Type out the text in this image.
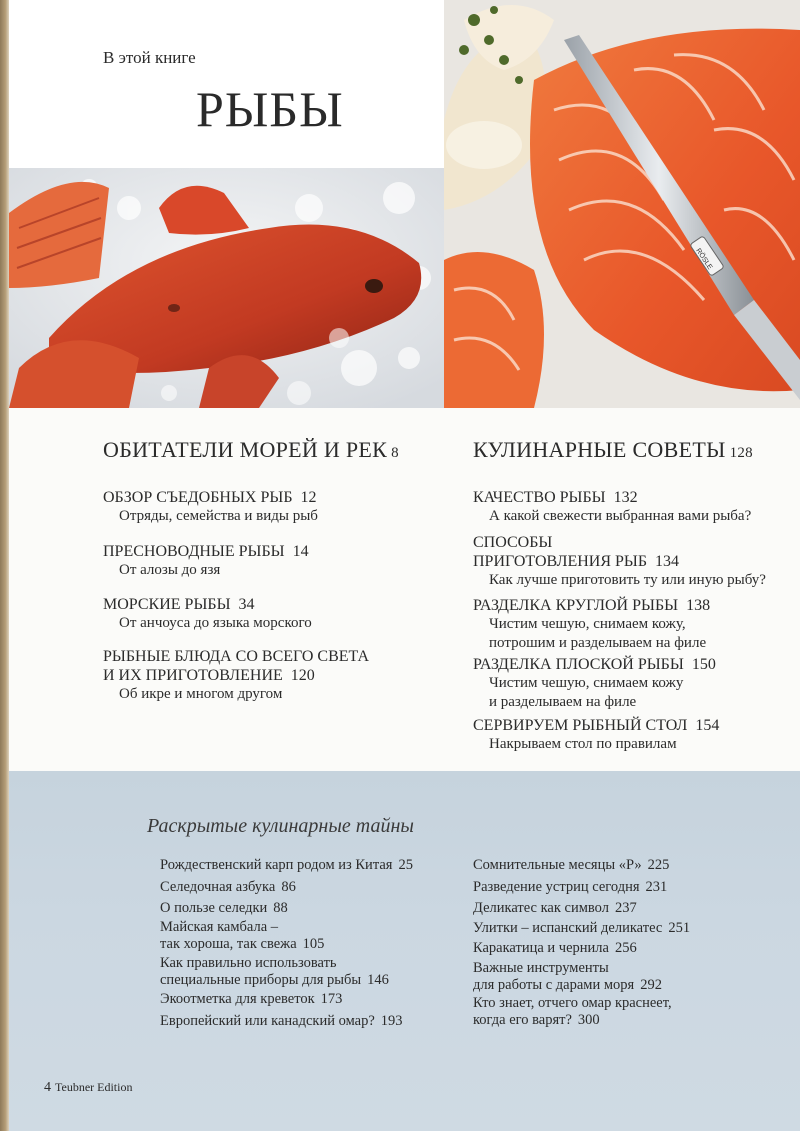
В этой книге
РЫБЫ
RÖSLE
ОБИТАТЕЛИ МОРЕЙ И РЕК 8	КУЛИНАРНЫЕ СОВЕТЫ 128
ОБЗОР СЪЕДОБНЫХ РЫБ 12
Отряды, семейства и виды рыб
ПРЕСНОВОДНЫЕ РЫБЫ 14
От алозы до язя
МОРСКИЕ РЫБЫ 34
От анчоуса до языка морского
РЫБНЫЕ БЛЮДА СО ВСЕГО СВЕТА
И ИХ ПРИГОТОВЛЕНИЕ 120
Об икре и многом другом
КАЧЕСТВО РЫБЫ 132
А какой свежести выбранная вами рыба?
СПОСОБЫ
ПРИГОТОВЛЕНИЯ РЫБ 134
Как лучше приготовить ту или иную рыбу?
РАЗДЕЛКА КРУГЛОЙ РЫБЫ 138
Чистим чешую, снимаем кожу,
потрошим и разделываем на филе
РАЗДЕЛКА ПЛОСКОЙ РЫБЫ 150
Чистим чешую, снимаем кожу
и разделываем на филе
СЕРВИРУЕМ РЫБНЫЙ СТОЛ 154
Накрываем стол по правилам
Раскрытые кулинарные тайны
Рождественский карп родом из Китая 25
Селедочная азбука 86
О пользе селедки 88
Майская камбала –
так хороша, так свежа 105
Как правильно использовать
специальные приборы для рыбы 146
Экоотметка для креветок 173
Европейский или канадский омар? 193
Сомнительные месяцы «Р» 225
Разведение устриц сегодня 231
Деликатес как символ 237
Улитки – испанский деликатес 251
Каракатица и чернила 256
Важные инструменты
для работы с дарами моря 292
Кто знает, отчего омар краснеет,
когда его варят? 300
4 Teubner Edition
